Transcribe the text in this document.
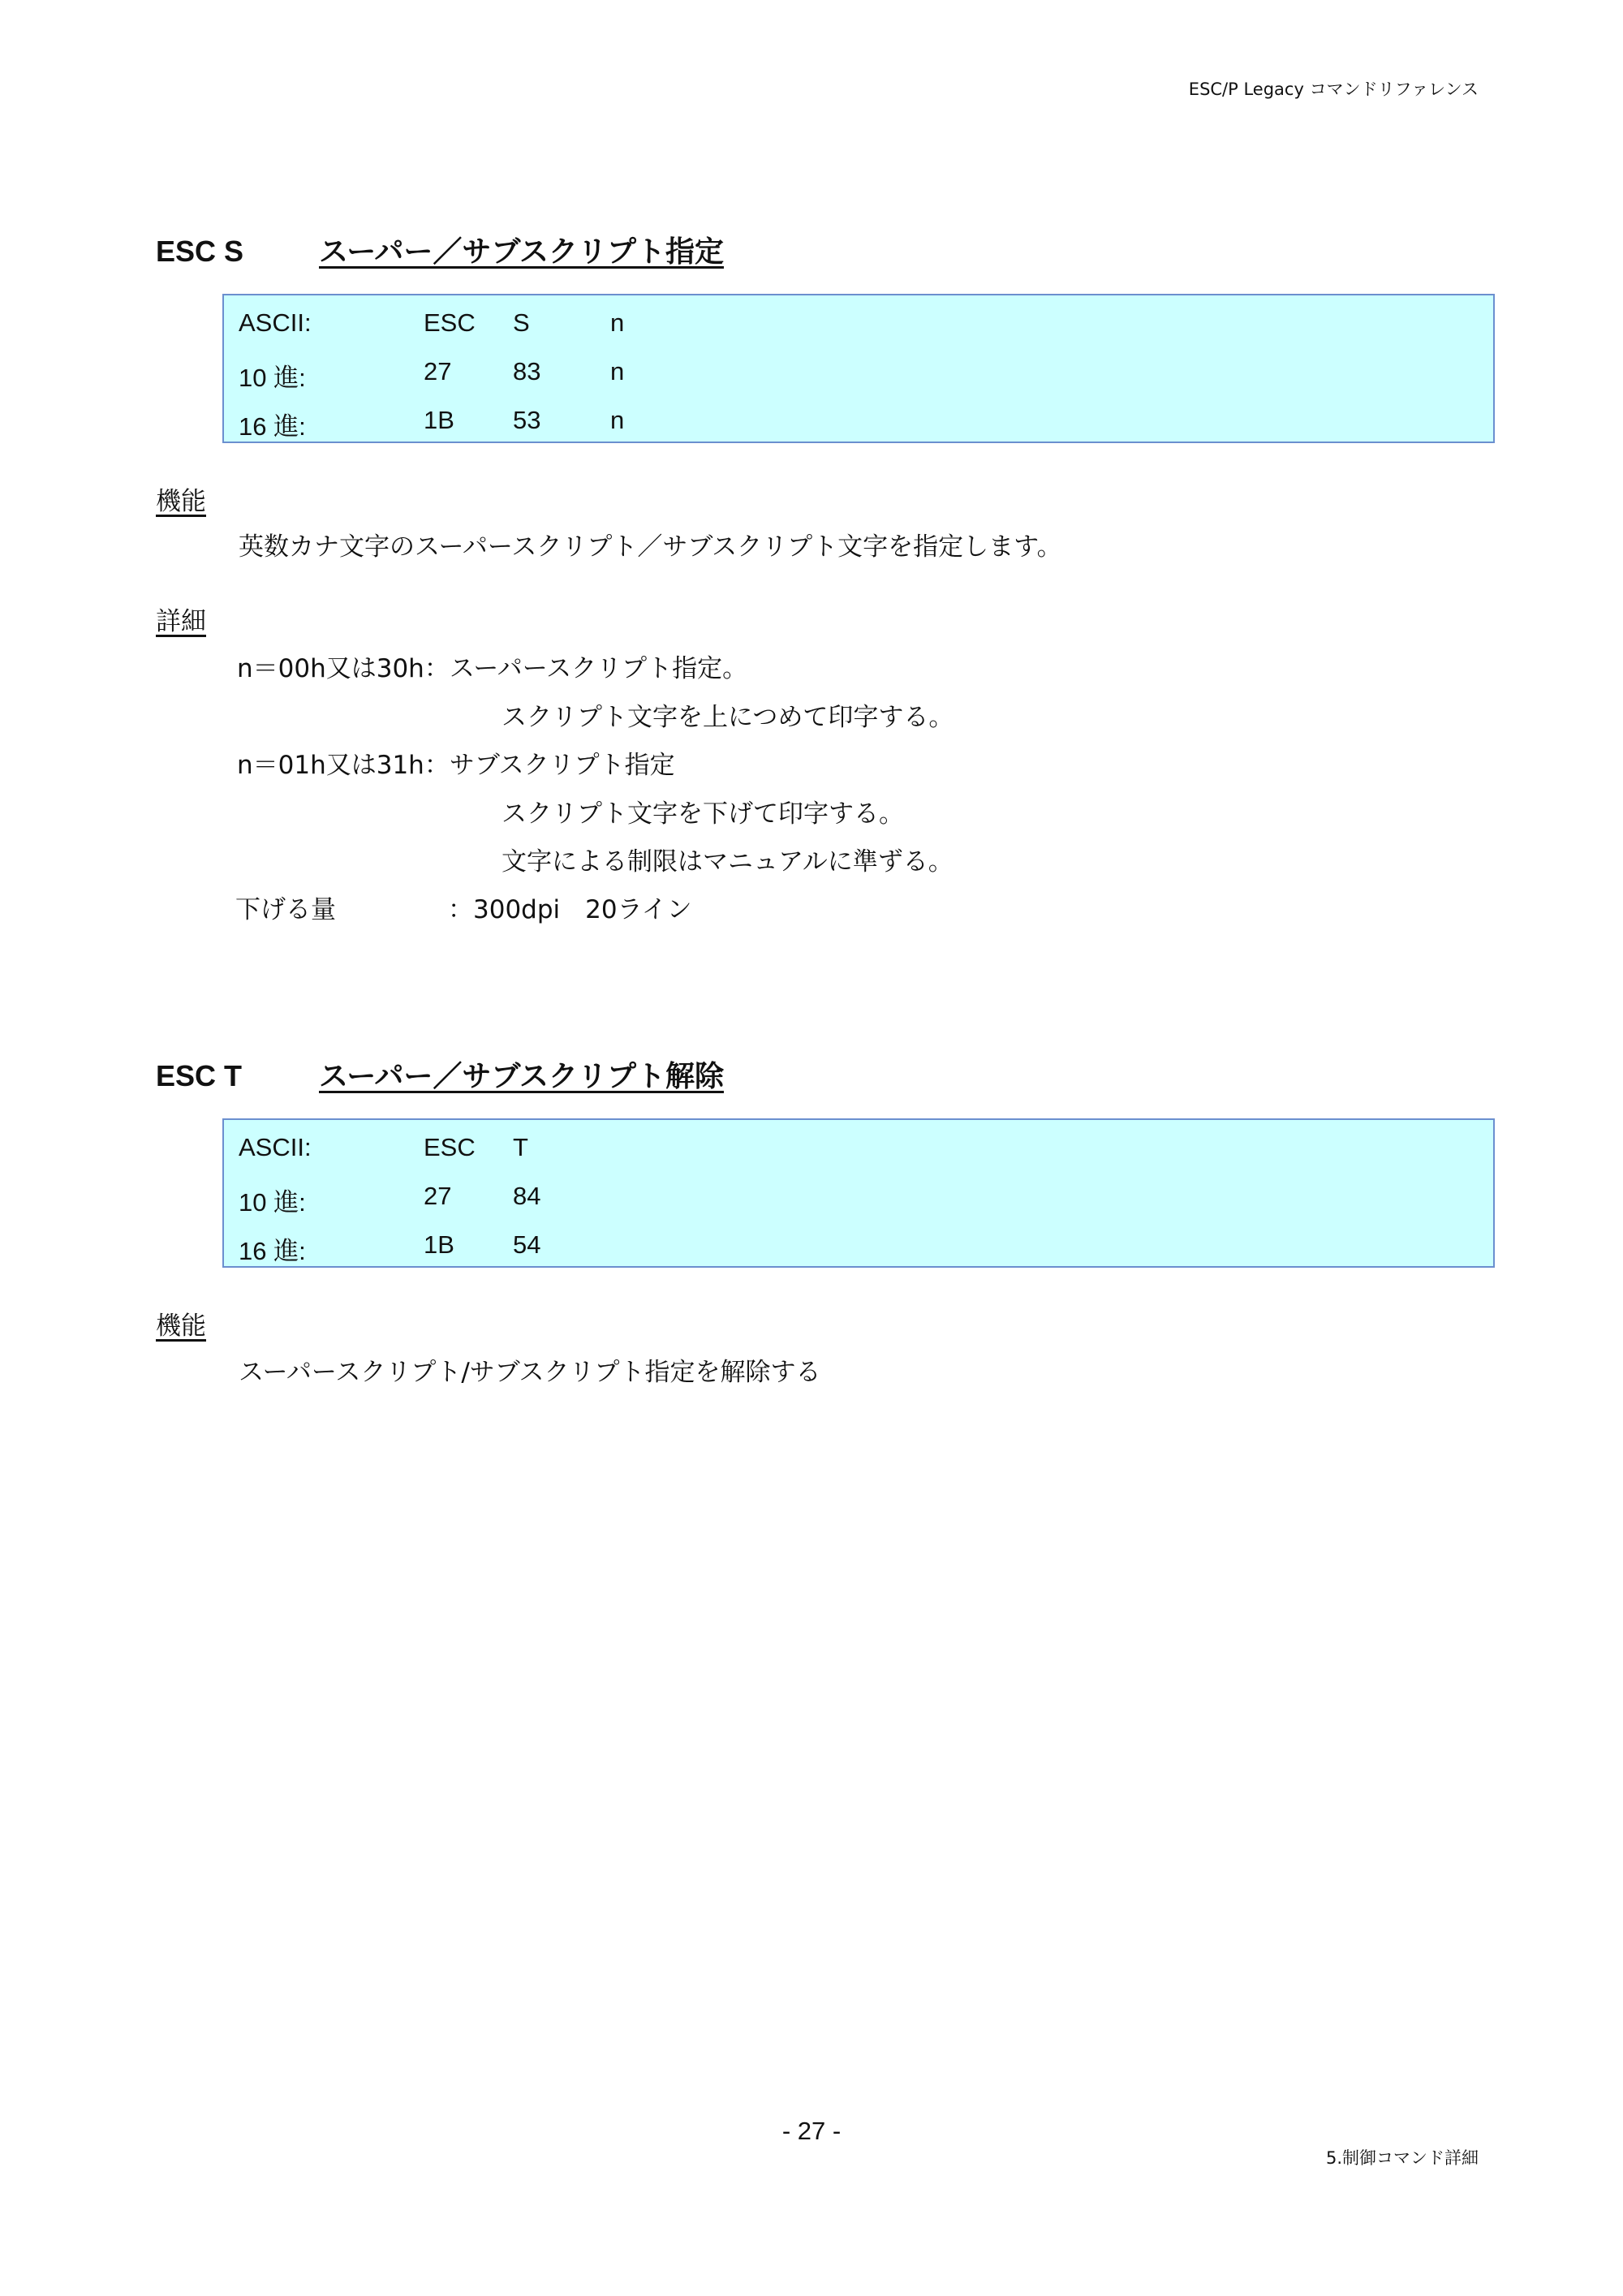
ESC/P Legacy コマンドリファレンス
ESC S	スーパー／サブスクリプト指定
ASCII:	ESC S	n
10 進:	27 83	n
16 進:	1B 53	n
機能
英数カナ文字のスーパースクリプト／サブスクリプト文字を指定します。
詳細
n＝00h又は30h：スーパースクリプト指定。
スクリプト文字を上につめて印字する。
n＝01h又は31h：サブスクリプト指定
スクリプト文字を下げて印字する。
文字による制限はマニュアルに準ずる。
下げる量	：300dpi　20ライン
ESC T	スーパー／サブスクリプト解除
ASCII:	ESC T
10 進:	27 84
16 進:	1B 54
機能
スーパースクリプト/サブスクリプト指定を解除する
- 27 -
5.制御コマンド詳細
